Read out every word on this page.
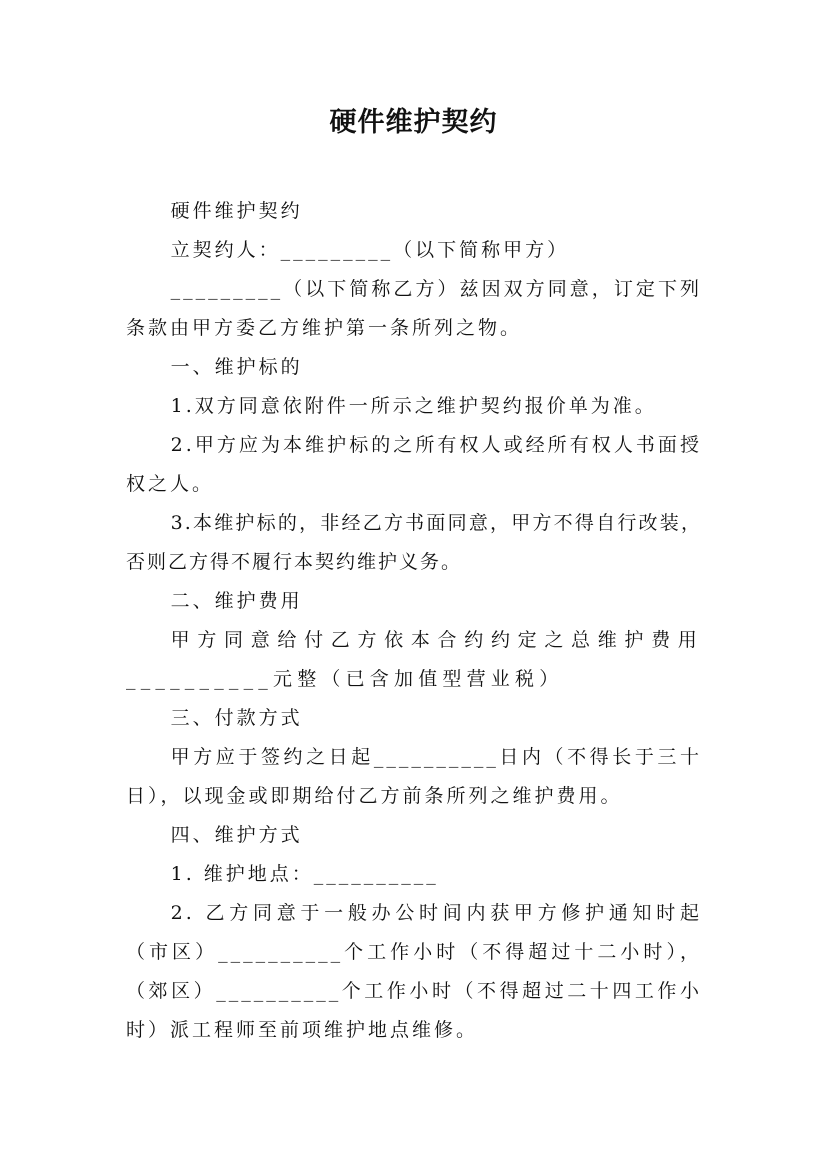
硬件维护契约

硬件维护契约

立契约人：_________（以下简称甲方）

_________（以下简称乙方）兹因双方同意，订定下列条款由甲方委乙方维护第一条所列之物。

一、维护标的

1.双方同意依附件一所示之维护契约报价单为准。

2.甲方应为本维护标的之所有权人或经所有权人书面授权之人。

3.本维护标的，非经乙方书面同意，甲方不得自行改装，否则乙方得不履行本契约维护义务。

二、维护费用

甲方同意给付乙方依本合约约定之总维护费用__________元整（已含加值型营业税）

三、付款方式

甲方应于签约之日起__________日内（不得长于三十日），以现金或即期给付乙方前条所列之维护费用。

四、维护方式

1. 维护地点：__________

2. 乙方同意于一般办公时间内获甲方修护通知时起（市区）__________个工作小时（不得超过十二小时），（郊区）__________个工作小时（不得超过二十四工作小时）派工程师至前项维护地点维修。
